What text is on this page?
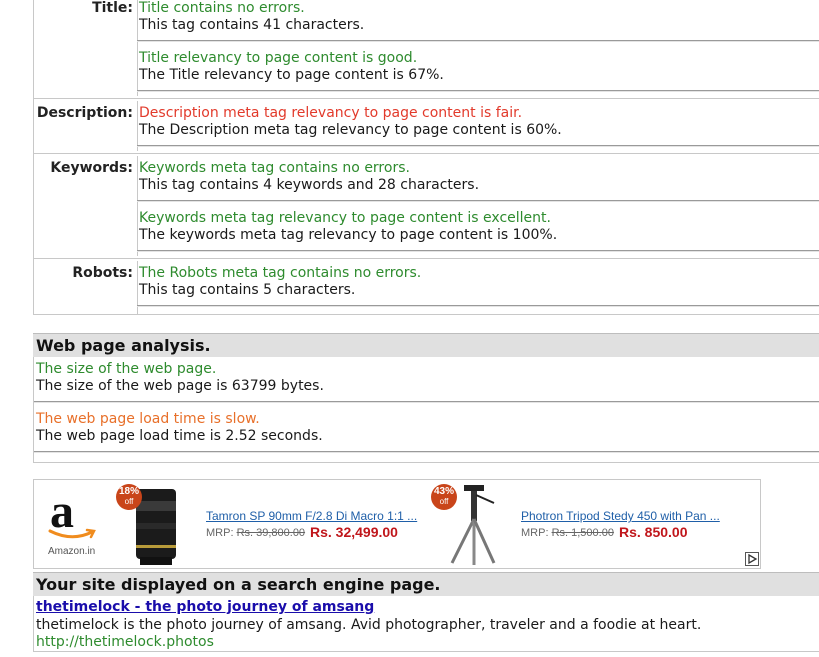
Title: Title contains no errors.
This tag contains 41 characters.
Title relevancy to page content is good.
The Title relevancy to page content is 67%.
Description: Description meta tag relevancy to page content is fair.
The Description meta tag relevancy to page content is 60%.
Keywords: Keywords meta tag contains no errors.
This tag contains 4 keywords and 28 characters.
Keywords meta tag relevancy to page content is excellent.
The keywords meta tag relevancy to page content is 100%.
Robots: The Robots meta tag contains no errors.
This tag contains 5 characters.
Web page analysis.
The size of the web page.
The size of the web page is 63799 bytes.
The web page load time is slow.
The web page load time is 2.52 seconds.
a
Amazon.in
18%
off
Tamron SP 90mm F/2.8 Di Macro 1:1 ...
MRP: Rs. 39,800.00 Rs. 32,499.00
43%
off
Photron Tripod Stedy 450 with Pan ...
MRP: Rs. 1,500.00 Rs. 850.00
Your site displayed on a search engine page.
thetimelock - the photo journey of amsang
thetimelock is the photo journey of amsang. Avid photographer, traveler and a foodie at heart.
http://thetimelock.photos
